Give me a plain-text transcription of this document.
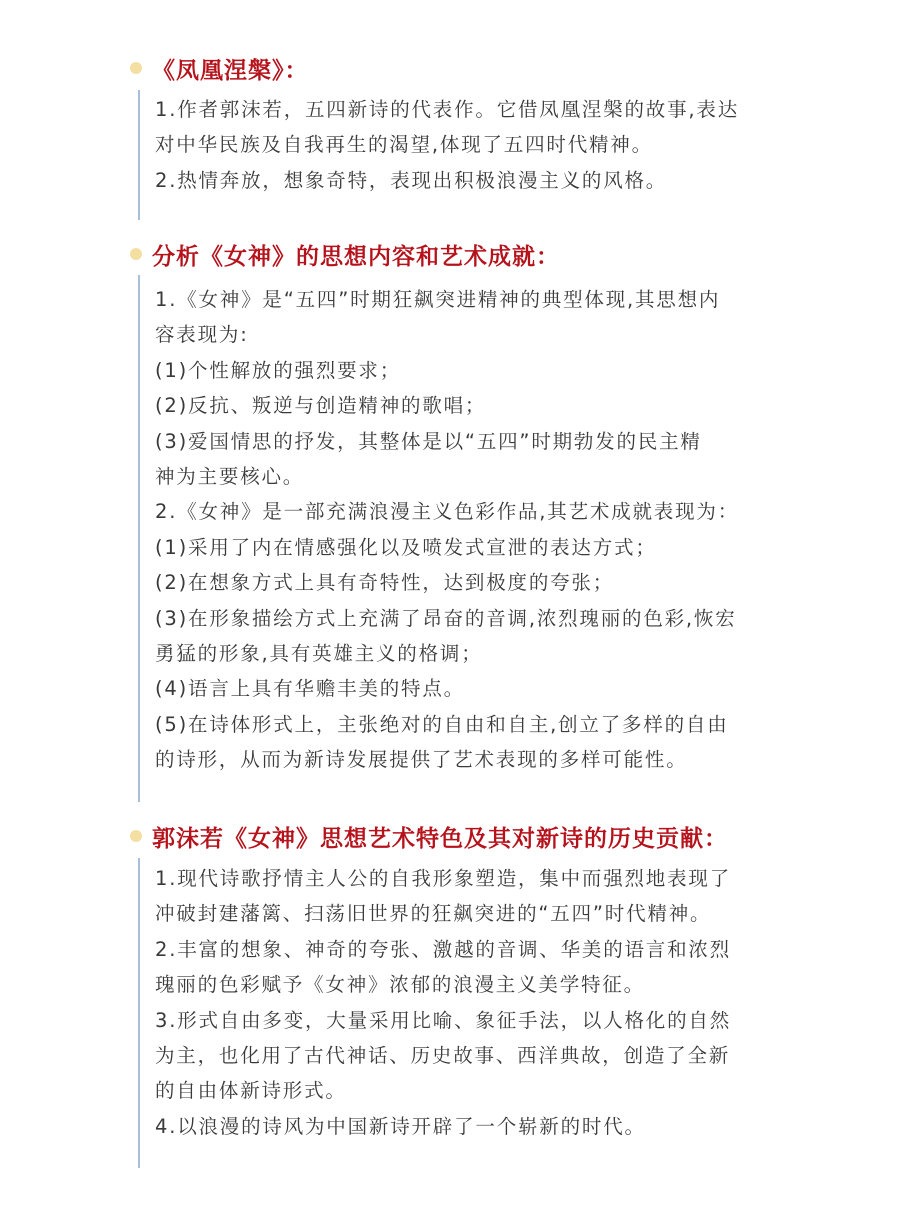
《凤凰涅槃》：
1.作者郭沫若，五四新诗的代表作。它借凤凰涅槃的故事,表达
对中华民族及自我再生的渴望,体现了五四时代精神。
2.热情奔放，想象奇特，表现出积极浪漫主义的风格。
分析《女神》的思想内容和艺术成就：
1.《女神》是“五四”时期狂飙突进精神的典型体现,其思想内
容表现为:
(1)个性解放的强烈要求；
(2)反抗、叛逆与创造精神的歌唱；
(3)爱国情思的抒发，其整体是以“五四”时期勃发的民主精
神为主要核心。
2.《女神》是一部充满浪漫主义色彩作品,其艺术成就表现为：
(1)采用了内在情感强化以及喷发式宣泄的表达方式；
(2)在想象方式上具有奇特性，达到极度的夸张；
(3)在形象描绘方式上充满了昂奋的音调,浓烈瑰丽的色彩,恢宏
勇猛的形象,具有英雄主义的格调；
(4)语言上具有华赡丰美的特点。
(5)在诗体形式上，主张绝对的自由和自主,创立了多样的自由
的诗形，从而为新诗发展提供了艺术表现的多样可能性。
郭沫若《女神》思想艺术特色及其对新诗的历史贡献：
1.现代诗歌抒情主人公的自我形象塑造，集中而强烈地表现了
冲破封建藩篱、扫荡旧世界的狂飙突进的“五四”时代精神。
2.丰富的想象、神奇的夸张、激越的音调、华美的语言和浓烈
瑰丽的色彩赋予《女神》浓郁的浪漫主义美学特征。
3.形式自由多变，大量采用比喻、象征手法，以人格化的自然
为主，也化用了古代神话、历史故事、西洋典故，创造了全新
的自由体新诗形式。
4.以浪漫的诗风为中国新诗开辟了一个崭新的时代。
